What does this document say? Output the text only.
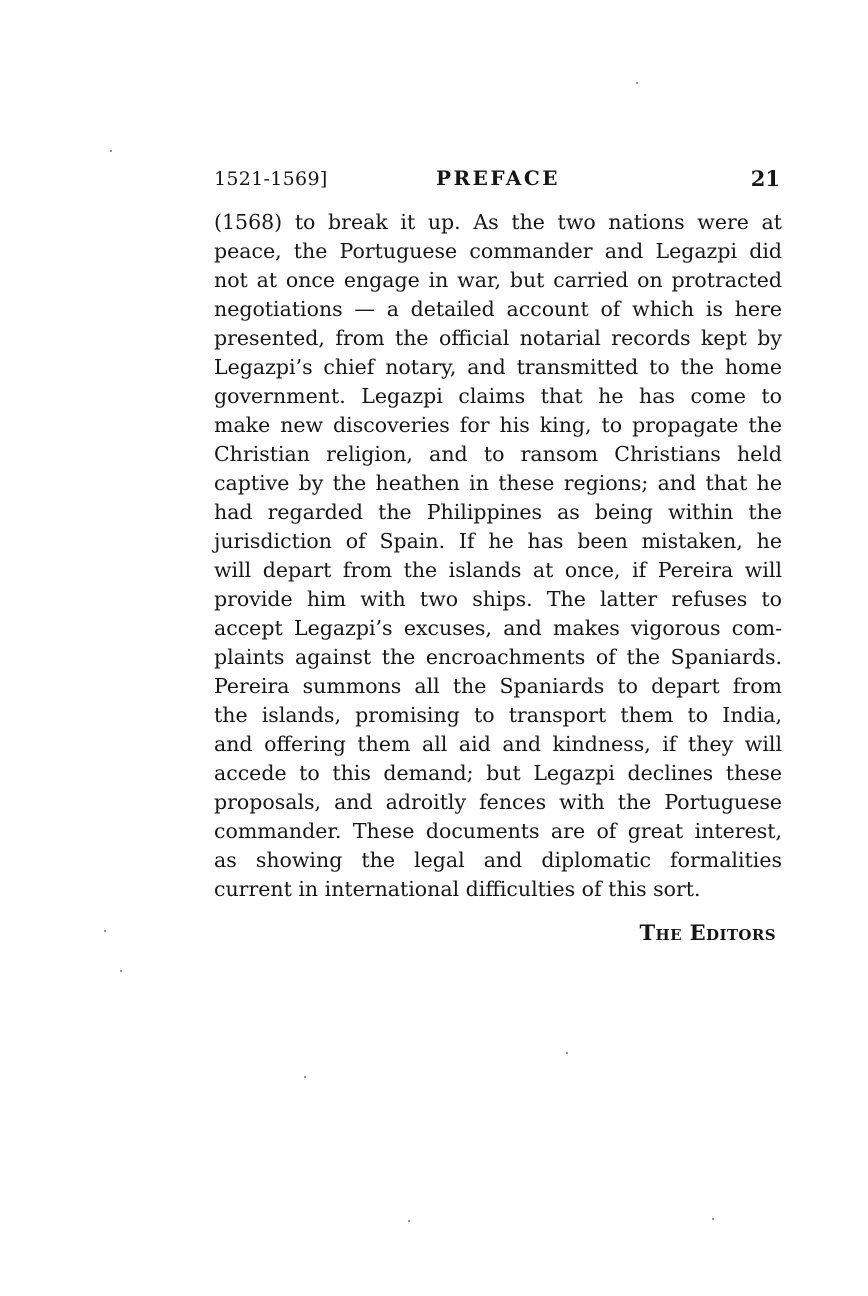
1521-1569]	PREFACE	21
(1568) to break it up. As the two nations were at
peace, the Portuguese commander and Legazpi did
not at once engage in war, but carried on protracted
negotiations — a detailed account of which is here
presented, from the official notarial records kept by
Legazpi’s chief notary, and transmitted to the home
government. Legazpi claims that he has come to
make new discoveries for his king, to propagate the
Christian religion, and to ransom Christians held
captive by the heathen in these regions; and that he
had regarded the Philippines as being within the
jurisdiction of Spain. If he has been mistaken, he
will depart from the islands at once, if Pereira will
provide him with two ships. The latter refuses to
accept Legazpi’s excuses, and makes vigorous com-
plaints against the encroachments of the Spaniards.
Pereira summons all the Spaniards to depart from
the islands, promising to transport them to India,
and offering them all aid and kindness, if they will
accede to this demand; but Legazpi declines these
proposals, and adroitly fences with the Portuguese
commander. These documents are of great interest,
as showing the legal and diplomatic formalities
current in international difficulties of this sort.
The Editors
